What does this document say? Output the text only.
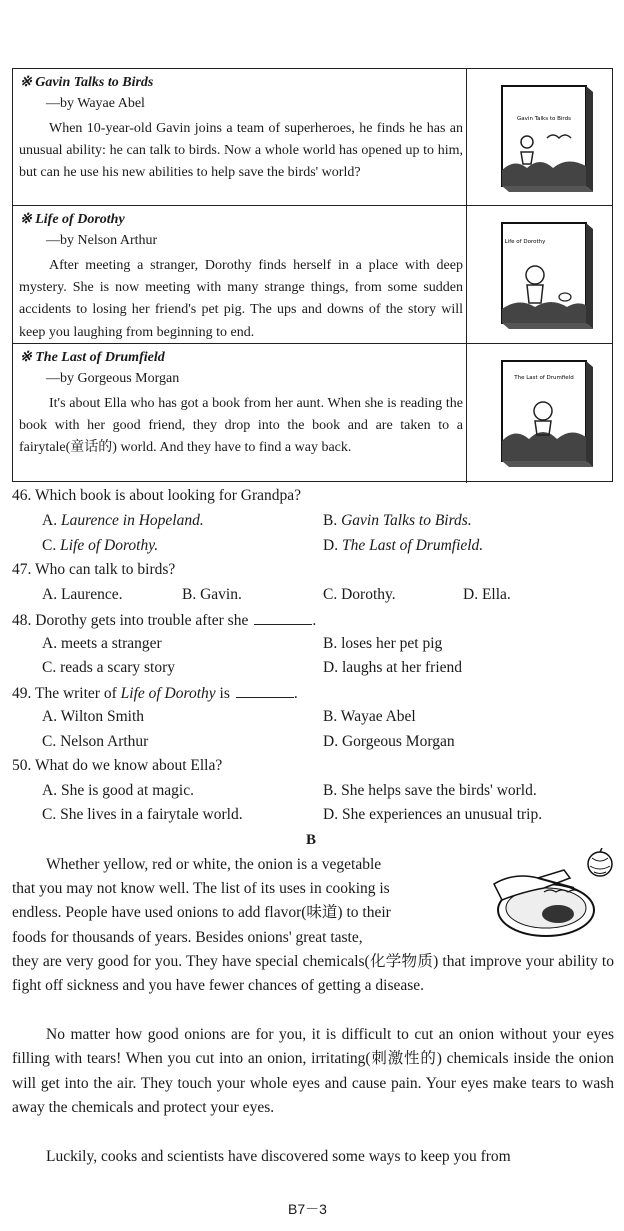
※ Gavin Talks to Birds
—by Wayae Abel
When 10-year-old Gavin joins a team of superheroes, he finds he has an unusual ability: he can talk to birds. Now a whole world has opened up to him, but can he use his new abilities to help save the birds' world?
Gavin Talks to Birds
※ Life of Dorothy
—by Nelson Arthur
After meeting a stranger, Dorothy finds herself in a place with deep mystery. She is now meeting with many strange things, from some sudden accidents to losing her friend's pet pig. The ups and downs of the story will keep you laughing from beginning to end.
Life of Dorothy
※ The Last of Drumfield
—by Gorgeous Morgan
It's about Ella who has got a book from her aunt. When she is reading the book with her good friend, they drop into the book and are taken to a fairytale(童话的) world. And they have to find a way back.
The Last of Drumfield
46. Which book is about looking for Grandpa?
A. Laurence in Hopeland.	B. Gavin Talks to Birds.
C. Life of Dorothy.	D. The Last of Drumfield.
47. Who can talk to birds?
A. Laurence.	B. Gavin.	C. Dorothy.	D. Ella.
48. Dorothy gets into trouble after she	.
A. meets a stranger	B. loses her pet pig
C. reads a scary story	D. laughs at her friend
49. The writer of Life of Dorothy is	.
A. Wilton Smith	B. Wayae Abel
C. Nelson Arthur	D. Gorgeous Morgan
50. What do we know about Ella?
A. She is good at magic.	B. She helps save the birds' world.
C. She lives in a fairytale world.	D. She experiences an unusual trip.
B
Whether yellow, red or white, the onion is a vegetable
that you may not know well. The list of its uses in cooking is
endless. People have used onions to add flavor(味道) to their
foods for thousands of years. Besides onions' great taste,
they are very good for you. They have special chemicals(化学物质) that improve your ability to fight off sickness and you have fewer chances of getting a disease.
No matter how good onions are for you, it is difficult to cut an onion without your eyes filling with tears! When you cut into an onion, irritating(刺激性的) chemicals inside the onion will get into the air. They touch your whole eyes and cause pain. Your eyes make tears to wash away the chemicals and protect your eyes.
Luckily, cooks and scientists have discovered some ways to keep you from
B7－3
